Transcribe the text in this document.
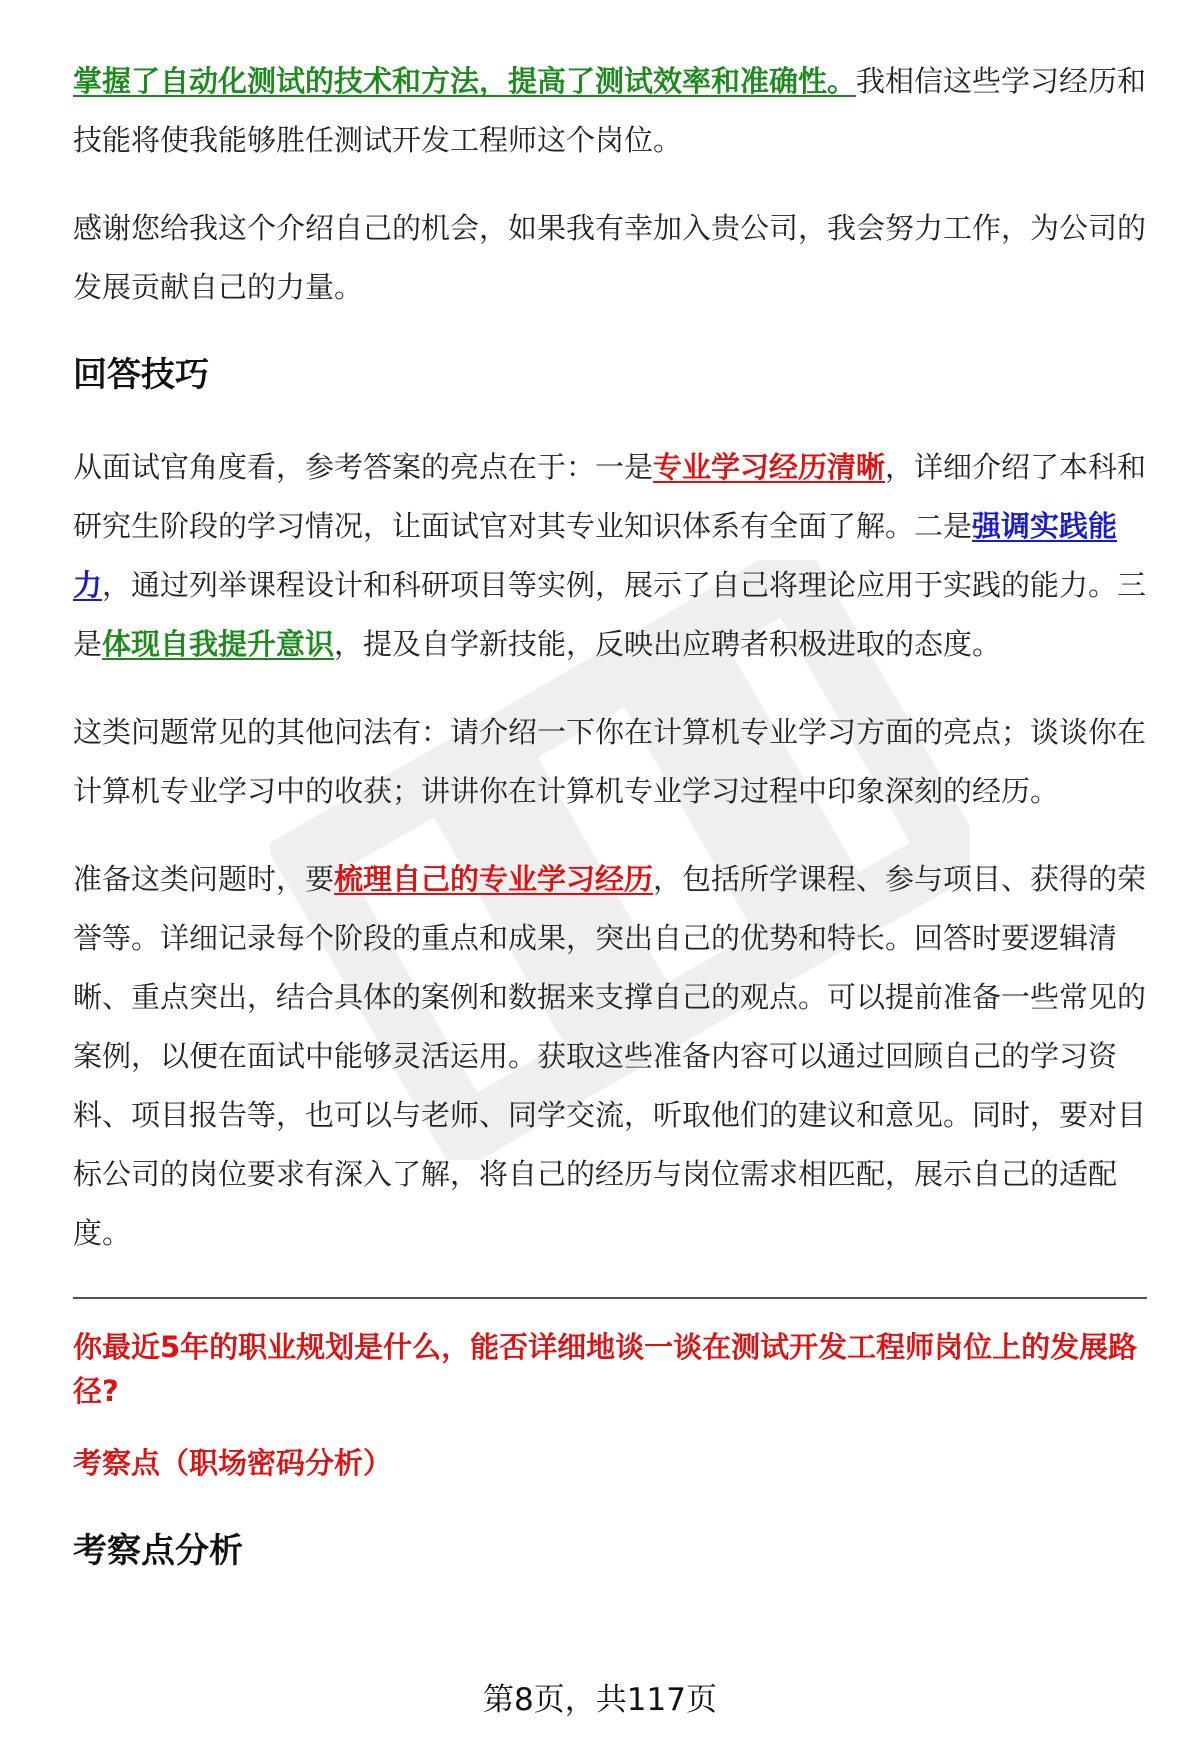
掌握了自动化测试的技术和方法，提高了测试效率和准确性。我相信这些学习经历和技能将使我能够胜任测试开发工程师这个岗位。

感谢您给我这个介绍自己的机会，如果我有幸加入贵公司，我会努力工作，为公司的发展贡献自己的力量。

回答技巧

从面试官角度看，参考答案的亮点在于：一是专业学习经历清晰，详细介绍了本科和研究生阶段的学习情况，让面试官对其专业知识体系有全面了解。二是强调实践能力，通过列举课程设计和科研项目等实例，展示了自己将理论应用于实践的能力。三是体现自我提升意识，提及自学新技能，反映出应聘者积极进取的态度。

这类问题常见的其他问法有：请介绍一下你在计算机专业学习方面的亮点；谈谈你在计算机专业学习中的收获；讲讲你在计算机专业学习过程中印象深刻的经历。

准备这类问题时，要梳理自己的专业学习经历，包括所学课程、参与项目、获得的荣誉等。详细记录每个阶段的重点和成果，突出自己的优势和特长。回答时要逻辑清晰、重点突出，结合具体的案例和数据来支撑自己的观点。可以提前准备一些常见的案例，以便在面试中能够灵活运用。获取这些准备内容可以通过回顾自己的学习资料、项目报告等，也可以与老师、同学交流，听取他们的建议和意见。同时，要对目标公司的岗位要求有深入了解，将自己的经历与岗位需求相匹配，展示自己的适配度。

你最近5年的职业规划是什么，能否详细地谈一谈在测试开发工程师岗位上的发展路径?

考察点（职场密码分析）

考察点分析
第8页，共117页
